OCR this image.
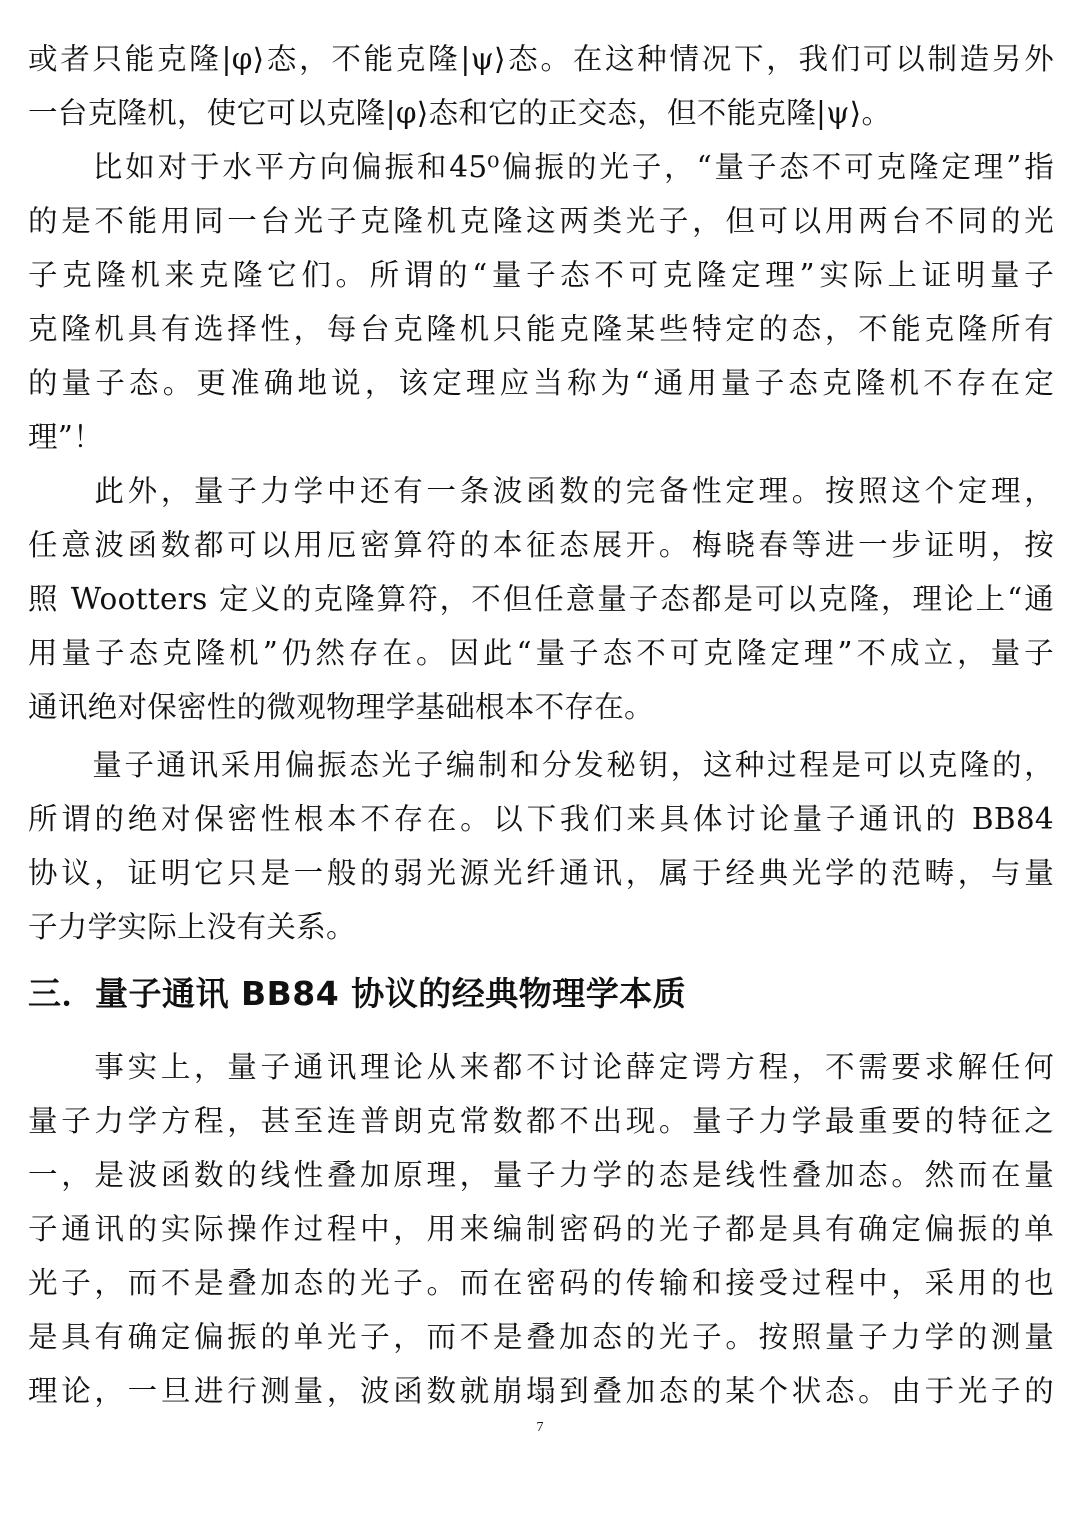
或者只能克隆|φ⟩态，不能克隆|ψ⟩态。在这种情况下，我们可以制造另外
一台克隆机，使它可以克隆|φ⟩态和它的正交态，但不能克隆|ψ⟩。
　　比如对于水平方向偏振和45⁰偏振的光子，“量子态不可克隆定理”指
的是不能用同一台光子克隆机克隆这两类光子，但可以用两台不同的光
子克隆机来克隆它们。所谓的“量子态不可克隆定理”实际上证明量子
克隆机具有选择性，每台克隆机只能克隆某些特定的态，不能克隆所有
的量子态。更准确地说，该定理应当称为“通用量子态克隆机不存在定
理”！
　　此外，量子力学中还有一条波函数的完备性定理。按照这个定理，
任意波函数都可以用厄密算符的本征态展开。梅晓春等进一步证明，按
照 Wootters 定义的克隆算符，不但任意量子态都是可以克隆，理论上“通
用量子态克隆机”仍然存在。因此“量子态不可克隆定理”不成立，量子
通讯绝对保密性的微观物理学基础根本不存在。
　　量子通讯采用偏振态光子编制和分发秘钥，这种过程是可以克隆的，
所谓的绝对保密性根本不存在。以下我们来具体讨论量子通讯的 BB84
协议，证明它只是一般的弱光源光纤通讯，属于经典光学的范畴，与量
子力学实际上没有关系。
三．量子通讯 BB84 协议的经典物理学本质
　　事实上，量子通讯理论从来都不讨论薛定谔方程，不需要求解任何
量子力学方程，甚至连普朗克常数都不出现。量子力学最重要的特征之
一，是波函数的线性叠加原理，量子力学的态是线性叠加态。然而在量
子通讯的实际操作过程中，用来编制密码的光子都是具有确定偏振的单
光子，而不是叠加态的光子。而在密码的传输和接受过程中，采用的也
是具有确定偏振的单光子，而不是叠加态的光子。按照量子力学的测量
理论，一旦进行测量，波函数就崩塌到叠加态的某个状态。由于光子的
7
